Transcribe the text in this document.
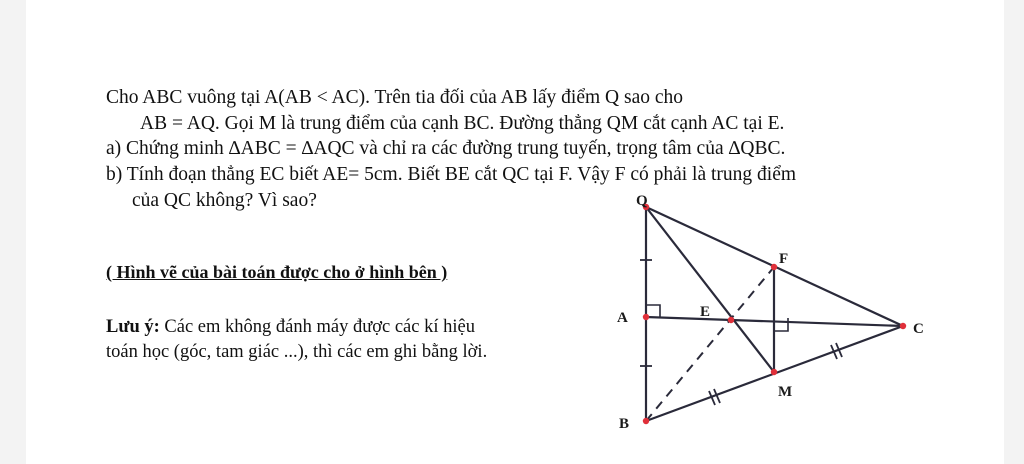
Cho ABC vuông tại A(AB < AC). Trên tia đối của AB lấy điểm Q sao cho
AB = AQ. Gọi M là trung điểm của cạnh BC. Đường thẳng QM cắt cạnh AC tại E.
a) Chứng minh ∆ABC = ∆AQC và chỉ ra các đường trung tuyến, trọng tâm của ∆QBC.
b) Tính đoạn thẳng EC biết AE= 5cm. Biết BE cắt QC tại F. Vậy F có phải là trung điểm
của QC không? Vì sao?
( Hình vẽ của bài toán được cho ở hình bên )
Lưu ý: Các em không đánh máy được các kí hiệu
toán học (góc, tam giác ...), thì các em ghi bằng lời.
Q
A
B
C
E
F
M
